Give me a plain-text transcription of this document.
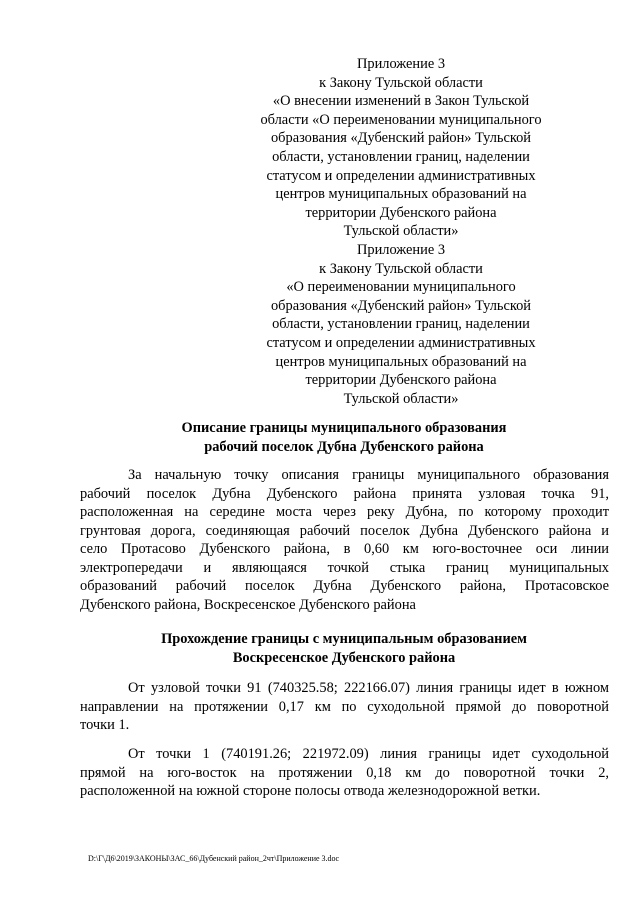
Приложение 3
к Закону Тульской области
«О внесении изменений в Закон Тульской
области «О переименовании муниципального
образования «Дубенский район» Тульской
области, установлении границ, наделении
статусом и определении административных
центров муниципальных образований на
территории Дубенского района
Тульской области»
Приложение 3
к Закону Тульской области
«О переименовании муниципального
образования «Дубенский район» Тульской
области, установлении границ, наделении
статусом и определении административных
центров муниципальных образований на
территории Дубенского района
Тульской области»
Описание границы муниципального образования
рабочий поселок Дубна Дубенского района
За начальную точку описания границы муниципального образования
рабочий поселок Дубна Дубенского района принята узловая точка 91,
расположенная на середине моста через реку Дубна, по которому проходит
грунтовая дорога, соединяющая рабочий поселок Дубна Дубенского района и
село Протасово Дубенского района, в 0,60 км юго-восточнее оси линии
электропередачи и являющаяся точкой стыка границ муниципальных
образований рабочий поселок Дубна Дубенского района, Протасовское
Дубенского района, Воскресенское Дубенского района
Прохождение границы с муниципальным образованием
Воскресенское Дубенского района
От узловой точки 91 (740325.58; 222166.07) линия границы идет в южном
направлении на протяжении 0,17 км по суходольной прямой до поворотной
точки 1.
От точки 1 (740191.26; 221972.09) линия границы идет суходольной
прямой на юго-восток на протяжении 0,18 км до поворотной точки 2,
расположенной на южной стороне полосы отвода железнодорожной ветки.
D:\Г\Д6\2019\ЗАКОНЫ\ЗАС_66\Дубенский район_2чт\Приложение 3.doc
